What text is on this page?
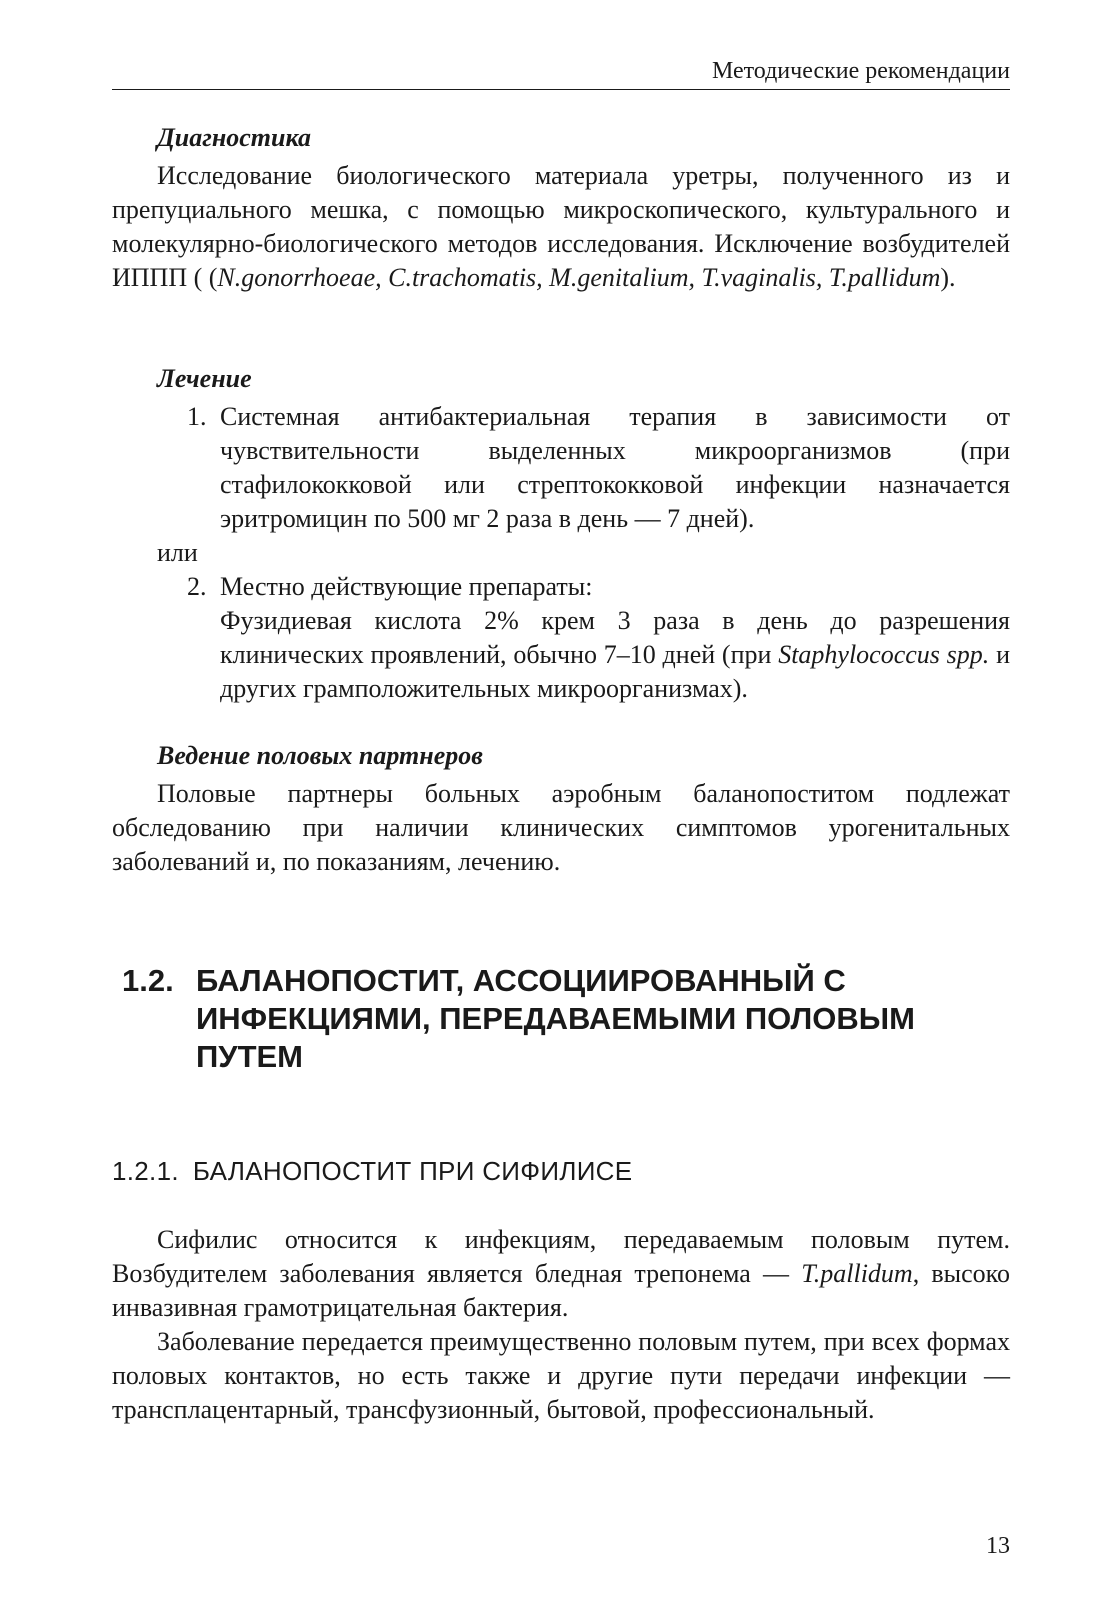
Методические рекомендации
Диагностика

Исследование биологического материала уретры, полученного из и препуциального мешка, с помощью микроскопического, культурального и молекулярно-биологического методов исследования. Исключение возбудителей ИППП ( (N.gonorrhoeae, C.trachomatis, M.genitalium, T.vaginalis, T.pallidum).

Лечение
1. Системная антибактериальная терапия в зависимости от чувствительности выделенных микроорганизмов (при стафилококковой или стрептококковой инфекции назначается эритромицин по 500 мг 2 раза в день — 7 дней).

или
2. Местно действующие препараты:

Фузидиевая кислота 2% крем 3 раза в день до разрешения клинических проявлений, обычно 7–10 дней (при Staphylococcus spp. и других грамположительных микроорганизмах).

Ведение половых партнеров

Половые партнеры больных аэробным баланопоститом подлежат обследованию при наличии клинических симптомов урогенитальных заболеваний и, по показаниям, лечению.

1.2. БАЛАНОПОСТИТ, АССОЦИИРОВАННЫЙ С ИНФЕКЦИЯМИ, ПЕРЕДАВАЕМЫМИ ПОЛОВЫМ ПУТЕМ
1.2.1. БАЛАНОПОСТИТ ПРИ СИФИЛИСЕ

Сифилис относится к инфекциям, передаваемым половым путем. Возбудителем заболевания является бледная трепонема — T.pallidum, высоко инвазивная грамотрицательная бактерия.

Заболевание передается преимущественно половым путем, при всех формах половых контактов, но есть также и другие пути передачи инфекции — трансплацентарный, трансфузионный, бытовой, профессиональный.

13
